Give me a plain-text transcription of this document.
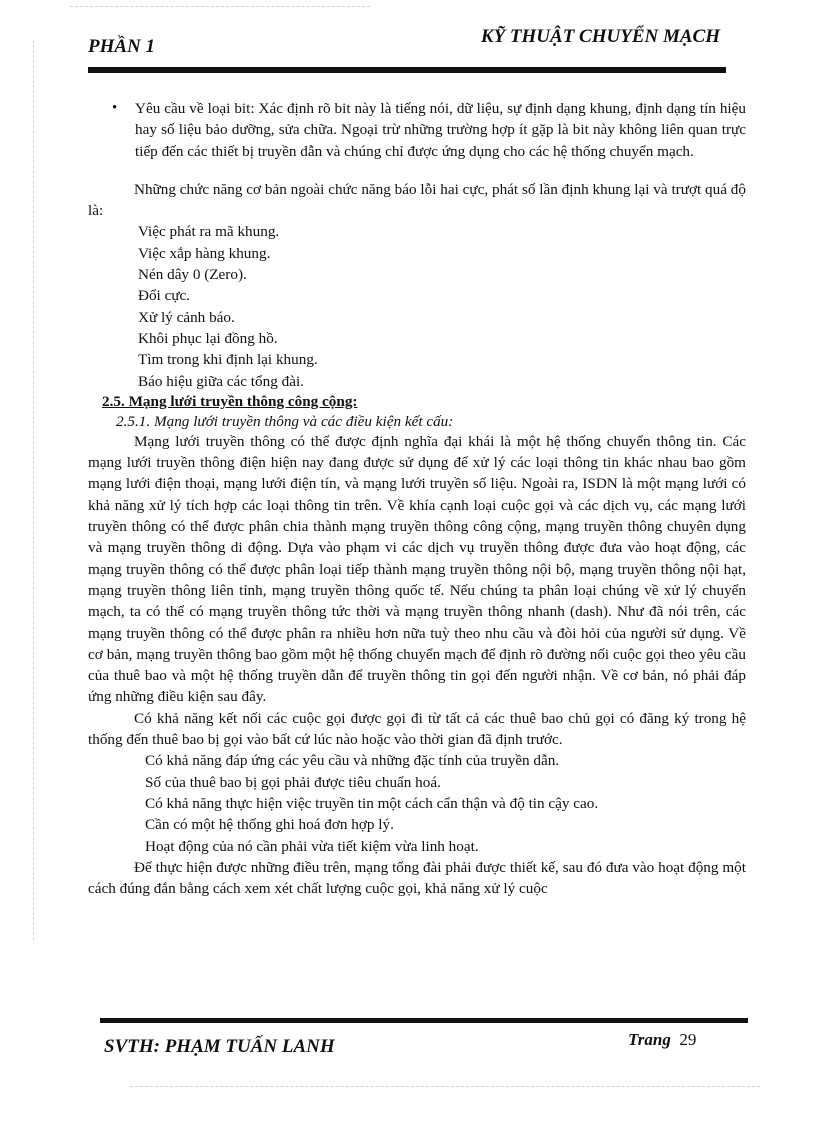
PHẦN 1	KỸ THUẬT CHUYỂN MẠCH

• Yêu cầu về loại bit: Xác định rõ bit này là tiếng nói, dữ liệu, sự định dạng khung, định dạng tín hiệu hay số liệu bảo dưỡng, sửa chữa. Ngoại trừ những trường hợp ít gặp là bit này không liên quan trực tiếp đến các thiết bị truyền dẫn và chúng chỉ được ứng dụng cho các hệ thống chuyển mạch.

Những chức năng cơ bản ngoài chức năng báo lỗi hai cực, phát số lần định khung lại và trượt quá độ là:

Việc phát ra mã khung.
Việc xắp hàng khung.
Nén dây 0 (Zero).
Đổi cực.
Xử lý cảnh báo.
Khôi phục lại đồng hồ.
Tìm trong khi định lại khung.
Báo hiệu giữa các tổng đài.
2.5. Mạng lưới truyền thông công cộng:
2.5.1. Mạng lưới truyền thông và các điều kiện kết cấu:

Mạng lưới truyền thông có thể được định nghĩa đại khái là một hệ thống chuyển thông tin. Các mạng lưới truyền thông điện hiện nay đang được sử dụng để xử lý các loại thông tin khác nhau bao gồm mạng lưới điện thoại, mạng lưới điện tín, và mạng lưới truyền số liệu. Ngoài ra, ISDN là một mạng lưới có khả năng xử lý tích hợp các loại thông tin trên. Về khía cạnh loại cuộc gọi và các dịch vụ, các mạng lưới truyền thông có thể được phân chia thành mạng truyền thông công cộng, mạng truyền thông chuyên dụng và mạng truyền thông di động. Dựa vào phạm vi các dịch vụ truyền thông được đưa vào hoạt động, các mạng truyền thông có thể được phân loại tiếp thành mạng truyền thông nội bộ, mạng truyền thông nội hạt, mạng truyền thông liên tỉnh, mạng truyền thông quốc tế. Nếu chúng ta phân loại chúng về xử lý chuyển mạch, ta có thể có mạng truyền thông tức thời và mạng truyền thông nhanh (dash). Như đã nói trên, các mạng truyền thông có thể được phân ra nhiều hơn nữa tuỳ theo nhu cầu và đòi hỏi của người sử dụng. Về cơ bản, mạng truyền thông bao gồm một hệ thống chuyển mạch để định rõ đường nối cuộc gọi theo yêu cầu của thuê bao và một hệ thống truyền dẫn để truyền thông tin gọi đến người nhận. Về cơ bản, nó phải đáp ứng những điều kiện sau đây.

Có khả năng kết nối các cuộc gọi được gọi đi từ tất cả các thuê bao chủ gọi có đăng ký trong hệ thống đến thuê bao bị gọi vào bất cứ lúc nào hoặc vào thời gian đã định trước.

Có khả năng đáp ứng các yêu cầu và những đặc tính của truyền dẫn.
Số của thuê bao bị gọi phải được tiêu chuẩn hoá.
Có khả năng thực hiện việc truyền tin một cách cẩn thận và độ tin cậy cao.
Cần có một hệ thống ghi hoá đơn hợp lý.
Hoạt động của nó cần phải vừa tiết kiệm vừa linh hoạt.

Để thực hiện được những điều trên, mạng tổng đài phải được thiết kế, sau đó đưa vào hoạt động một cách đúng đắn bằng cách xem xét chất lượng cuộc gọi, khả năng xử lý cuộc

SVTH: PHẠM TUẤN LANH	Trang 29
